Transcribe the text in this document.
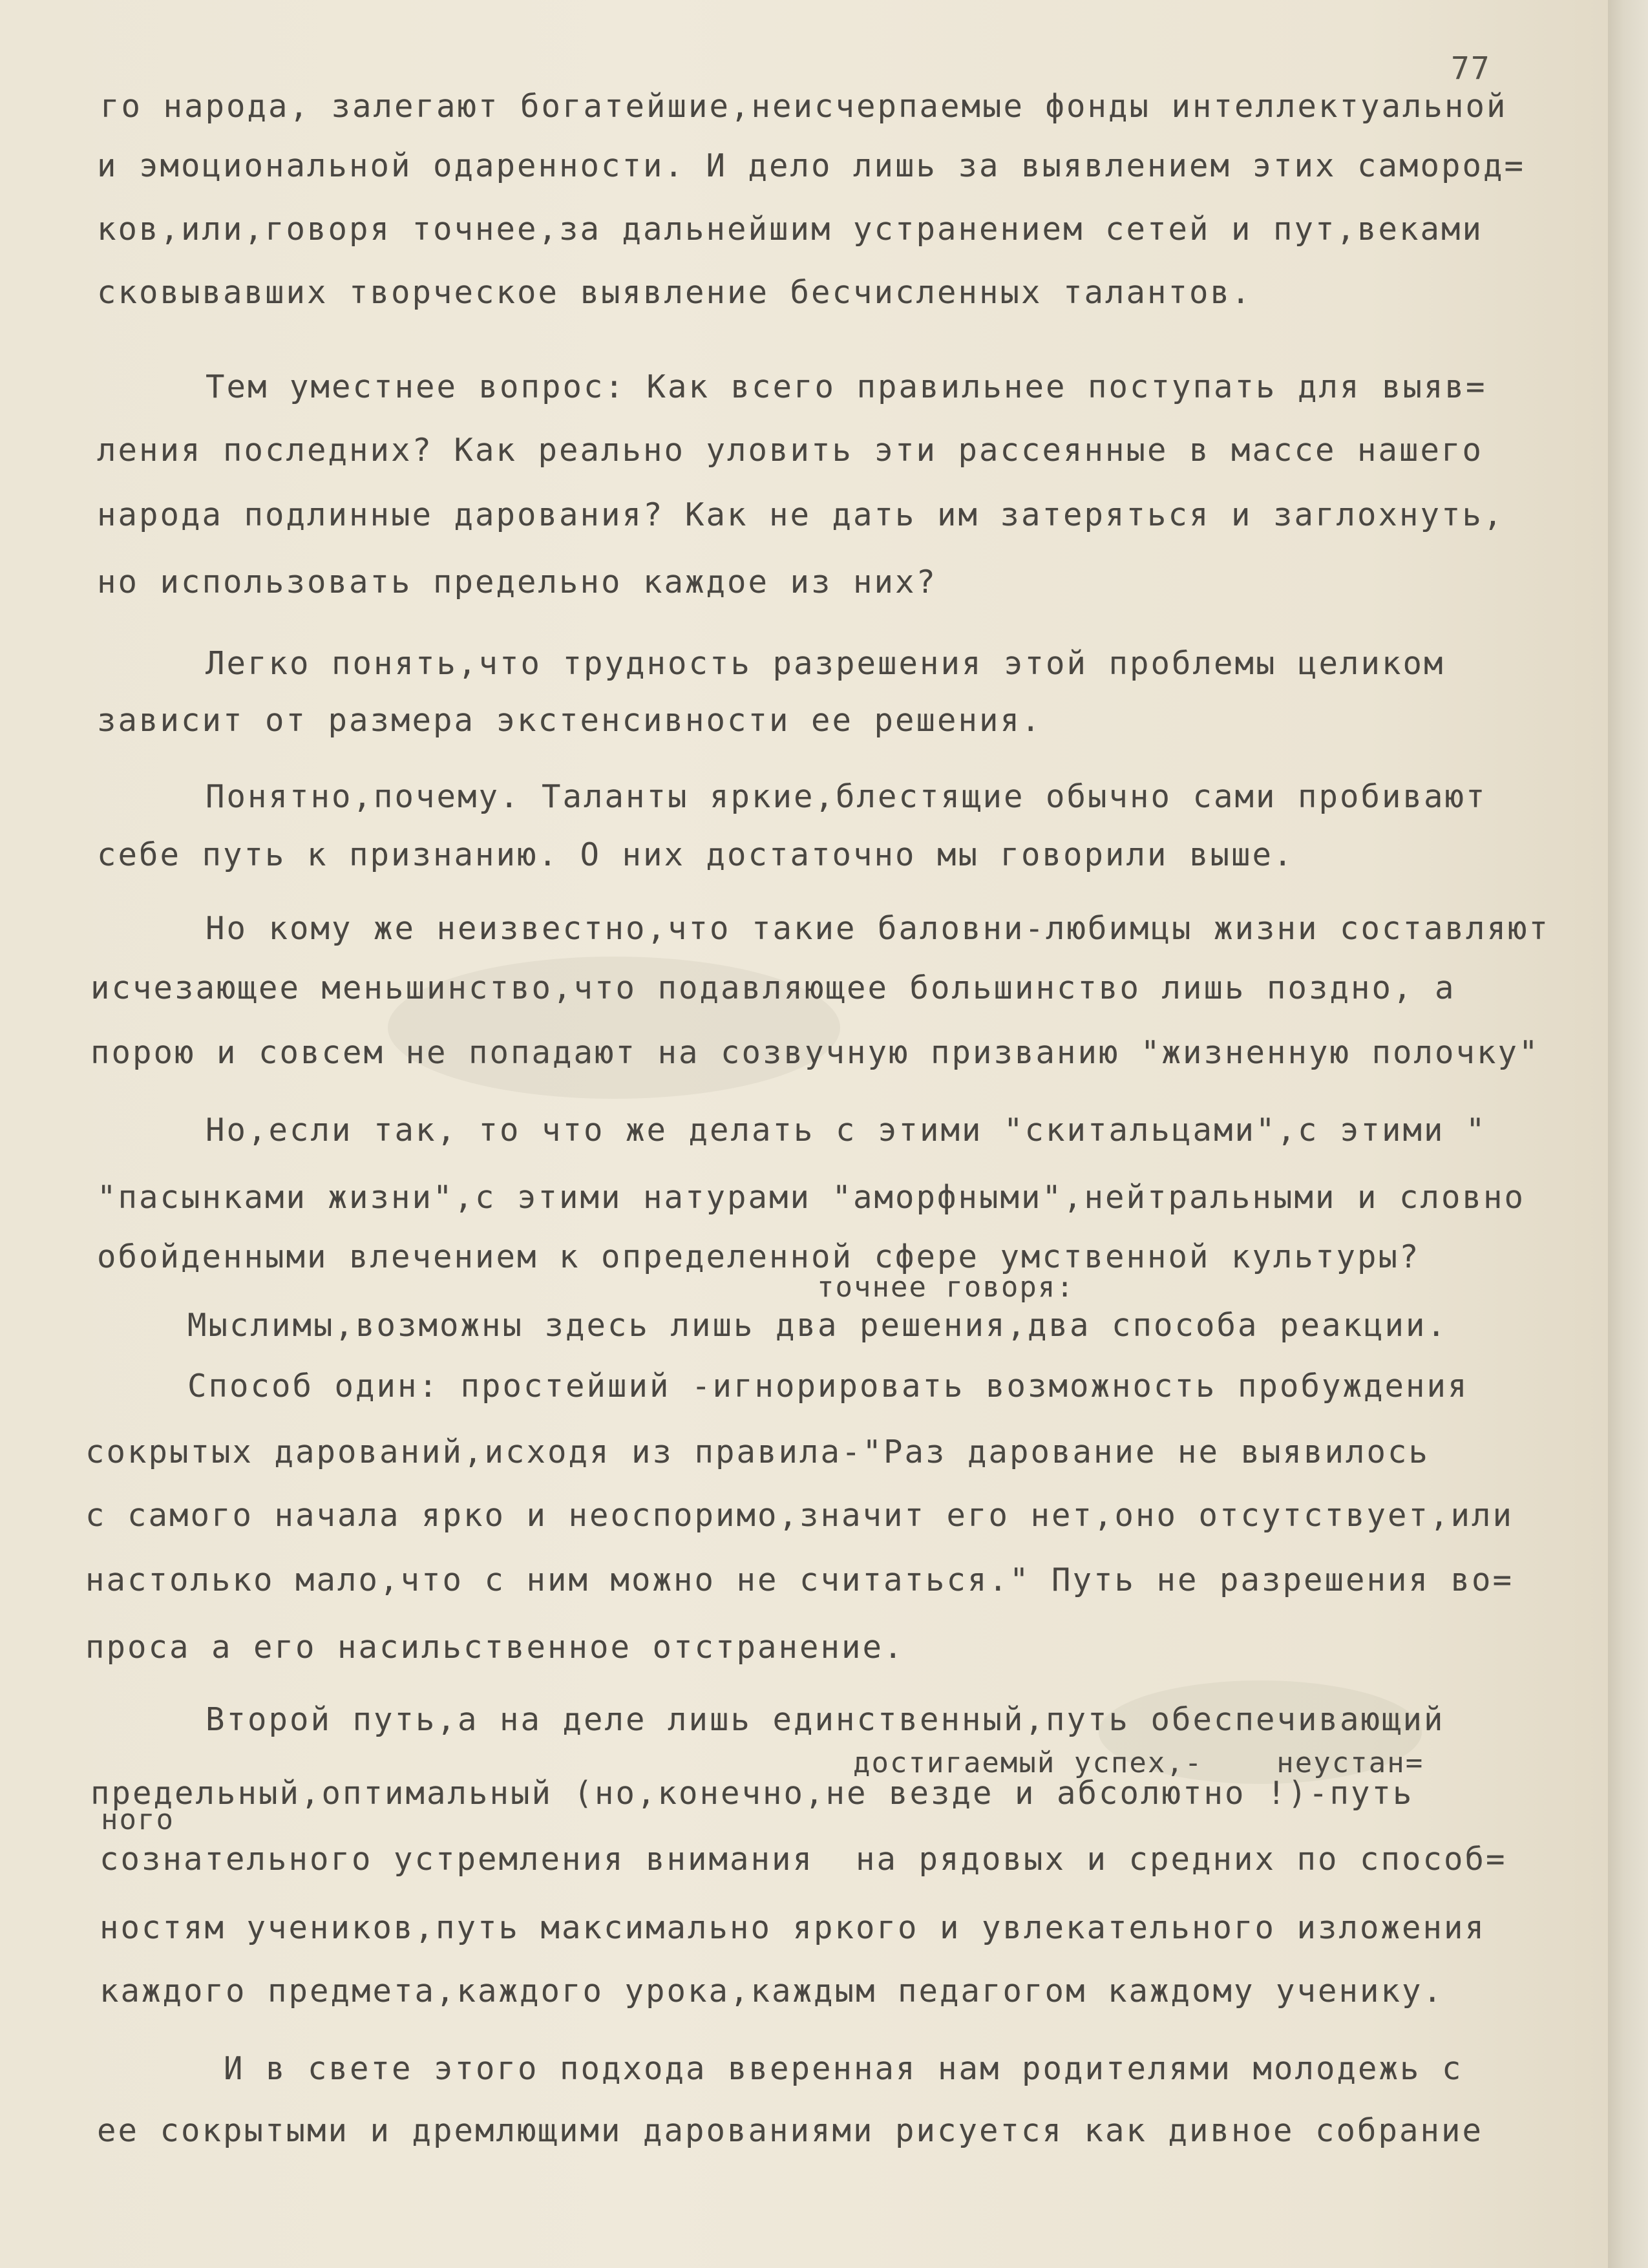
77
го народа, залегают богатейшие,неисчерпаемые фонды интеллектуальной
и эмоциональной одаренности. И дело лишь за выявлением этих самород=
ков,или,говоря точнее,за дальнейшим устранением сетей и пут,веками
сковывавших творческое выявление бесчисленных талантов.
Тем уместнее вопрос: Как всего правильнее поступать для выяв=
ления последних? Как реально уловить эти рассеянные в массе нашего
народа подлинные дарования? Как не дать им затеряться и заглохнуть,
но использовать предельно каждое из них?
Легко понять,что трудность разрешения этой проблемы целиком
зависит от размера экстенсивности ее решения.
Понятно,почему. Таланты яркие,блестящие обычно сами пробивают
себе путь к признанию. О них достаточно мы говорили выше.
Но кому же неизвестно,что такие баловни-любимцы жизни составляют
исчезающее меньшинство,что подавляющее большинство лишь поздно, а
порою и совсем не попадают на созвучную призванию "жизненную полочку"
Но,если так, то что же делать с этими "скитальцами",с этими "
"пасынками жизни",с этими натурами "аморфными",нейтральными и словно
обойденными влечением к определенной сфере умственной культуры?
точнее говоря:
Мыслимы,возможны здесь лишь два решения,два способа реакции.
Способ один: простейший -игнорировать возможность пробуждения
сокрытых дарований,исходя из правила-"Раз дарование не выявилось
с самого начала ярко и неоспоримо,значит его нет,оно отсутствует,или
настолько мало,что с ним можно не считаться." Путь не разрешения во=
проса а его насильственное отстранение.
Второй путь,а на деле лишь единственный,путь обеспечивающий
достигаемый успех,-    неустан=
предельный,оптимальный (но,конечно,не везде и абсолютно !)-путь
ного
сознательного устремления внимания  на рядовых и средних по способ=
ностям учеников,путь максимально яркого и увлекательного изложения
каждого предмета,каждого урока,каждым педагогом каждому ученику.
И в свете этого подхода вверенная нам родителями молодежь с
ее сокрытыми и дремлющими дарованиями рисуется как дивное собрание
